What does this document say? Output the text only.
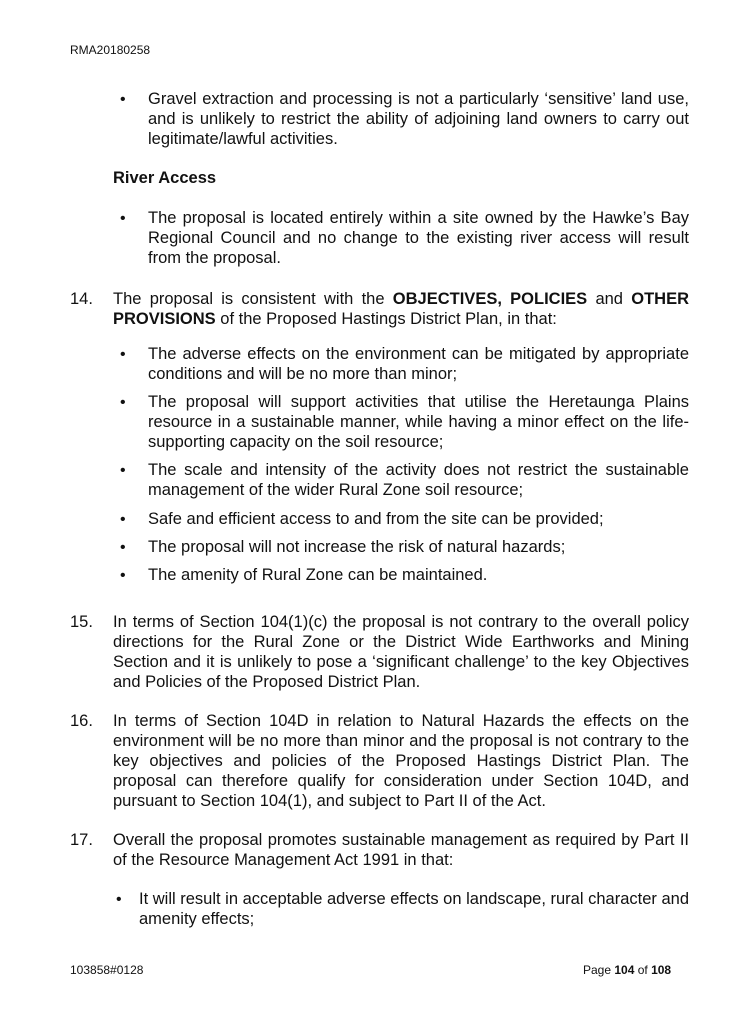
RMA20180258
• Gravel extraction and processing is not a particularly ‘sensitive’ land use, and is unlikely to restrict the ability of adjoining land owners to carry out legitimate/lawful activities.

River Access
• The proposal is located entirely within a site owned by the Hawke’s Bay Regional Council and no change to the existing river access will result from the proposal.

14. The proposal is consistent with the OBJECTIVES, POLICIES and OTHER PROVISIONS of the Proposed Hastings District Plan, in that:

• The adverse effects on the environment can be mitigated by appropriate conditions and will be no more than minor;

• The proposal will support activities that utilise the Heretaunga Plains resource in a sustainable manner, while having a minor effect on the life-supporting capacity on the soil resource;

• The scale and intensity of the activity does not restrict the sustainable management of the wider Rural Zone soil resource;

• Safe and efficient access to and from the site can be provided;

• The proposal will not increase the risk of natural hazards;

• The amenity of Rural Zone can be maintained.

15. In terms of Section 104(1)(c) the proposal is not contrary to the overall policy directions for the Rural Zone or the District Wide Earthworks and Mining Section and it is unlikely to pose a ‘significant challenge’ to the key Objectives and Policies of the Proposed District Plan.

16. In terms of Section 104D in relation to Natural Hazards the effects on the environment will be no more than minor and the proposal is not contrary to the key objectives and policies of the Proposed Hastings District Plan. The proposal can therefore qualify for consideration under Section 104D, and pursuant to Section 104(1), and subject to Part II of the Act.

17. Overall the proposal promotes sustainable management as required by Part II of the Resource Management Act 1991 in that:

• It will result in acceptable adverse effects on landscape, rural character and amenity effects;

103858#0128	Page 104 of 108
